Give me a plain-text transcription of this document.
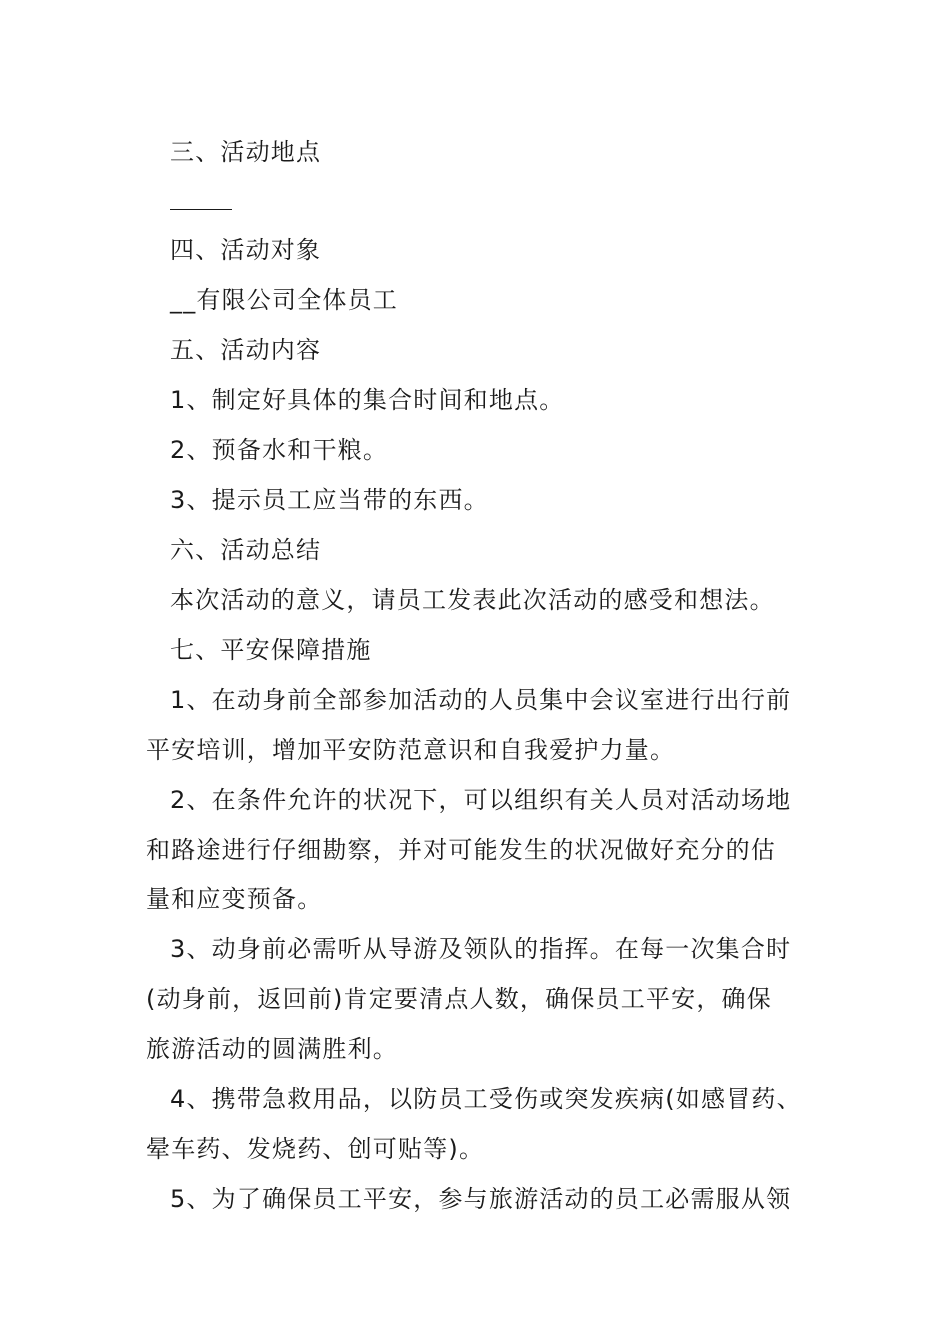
三、活动地点
四、活动对象
__有限公司全体员工
五、活动内容
1、制定好具体的集合时间和地点。
2、预备水和干粮。
3、提示员工应当带的东西。
六、活动总结
本次活动的意义，请员工发表此次活动的感受和想法。
七、平安保障措施
1、在动身前全部参加活动的人员集中会议室进行出行前
平安培训，增加平安防范意识和自我爱护力量。
2、在条件允许的状况下，可以组织有关人员对活动场地
和路途进行仔细勘察，并对可能发生的状况做好充分的估
量和应变预备。
3、动身前必需听从导游及领队的指挥。在每一次集合时
(动身前，返回前)肯定要清点人数，确保员工平安，确保
旅游活动的圆满胜利。
4、携带急救用品，以防员工受伤或突发疾病(如感冒药、
晕车药、发烧药、创可贴等)。
5、为了确保员工平安，参与旅游活动的员工必需服从领
